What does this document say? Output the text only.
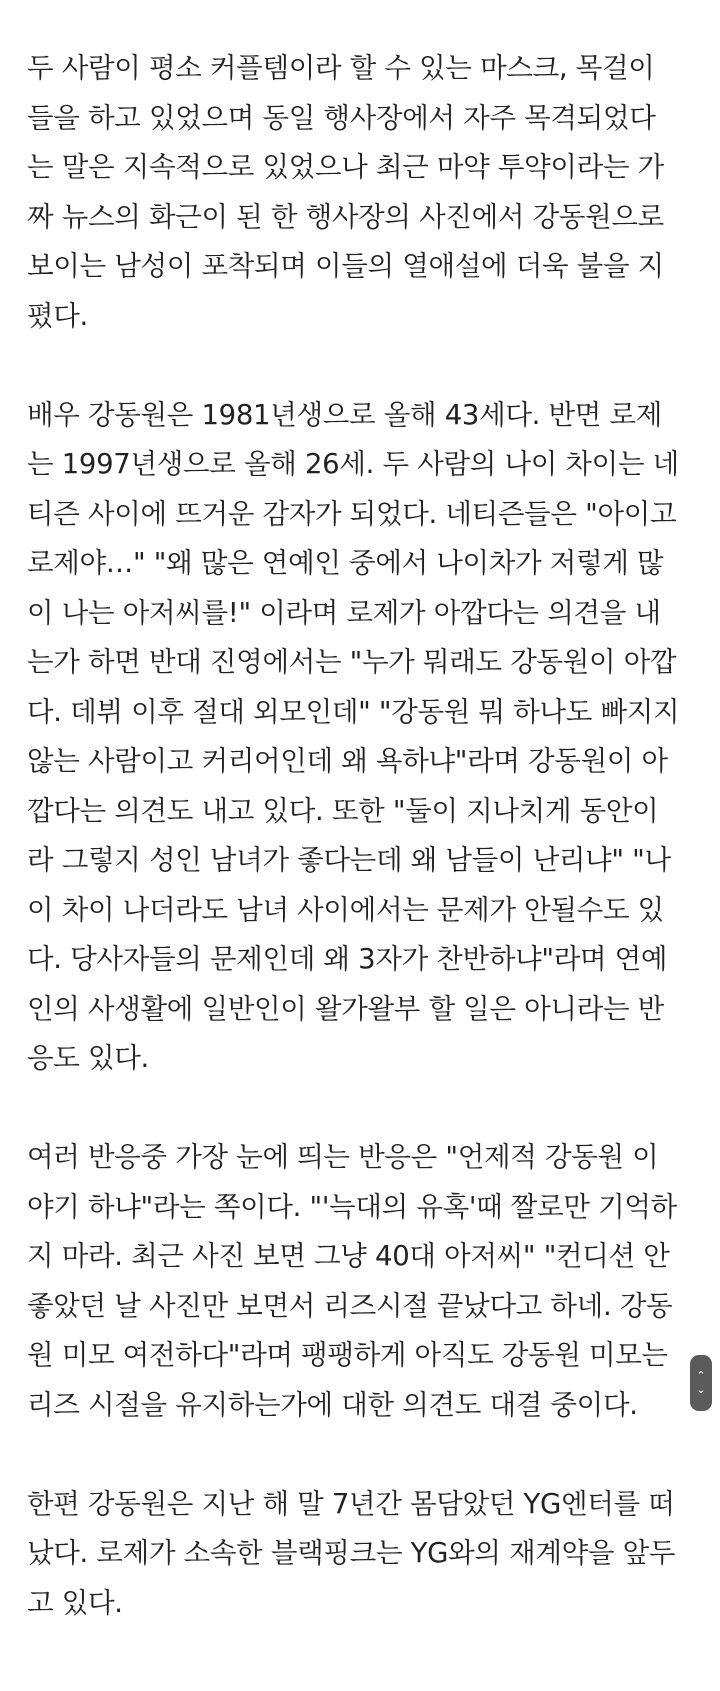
두 사람이 평소 커플템이라 할 수 있는 마스크, 목걸이
들을 하고 있었으며 동일 행사장에서 자주 목격되었다
는 말은 지속적으로 있었으나 최근 마약 투약이라는 가
짜 뉴스의 화근이 된 한 행사장의 사진에서 강동원으로
보이는 남성이 포착되며 이들의 열애설에 더욱 불을 지
폈다.
배우 강동원은 1981년생으로 올해 43세다. 반면 로제
는 1997년생으로 올해 26세. 두 사람의 나이 차이는 네
티즌 사이에 뜨거운 감자가 되었다. 네티즌들은 "아이고
로제야…" "왜 많은 연예인 중에서 나이차가 저렇게 많
이 나는 아저씨를!" 이라며 로제가 아깝다는 의견을 내
는가 하면 반대 진영에서는 "누가 뭐래도 강동원이 아깝
다. 데뷔 이후 절대 외모인데" "강동원 뭐 하나도 빠지지
않는 사람이고 커리어인데 왜 욕하냐"라며 강동원이 아
깝다는 의견도 내고 있다. 또한 "둘이 지나치게 동안이
라 그렇지 성인 남녀가 좋다는데 왜 남들이 난리냐" "나
이 차이 나더라도 남녀 사이에서는 문제가 안될수도 있
다. 당사자들의 문제인데 왜 3자가 찬반하냐"라며 연예
인의 사생활에 일반인이 왈가왈부 할 일은 아니라는 반
응도 있다.
여러 반응중 가장 눈에 띄는 반응은 "언제적 강동원 이
야기 하냐"라는 쪽이다. "'늑대의 유혹'때 짤로만 기억하
지 마라. 최근 사진 보면 그냥 40대 아저씨" "컨디션 안
좋았던 날 사진만 보면서 리즈시절 끝났다고 하네. 강동
원 미모 여전하다"라며 팽팽하게 아직도 강동원 미모는
리즈 시절을 유지하는가에 대한 의견도 대결 중이다.
한편 강동원은 지난 해 말 7년간 몸담았던 YG엔터를 떠
났다. 로제가 소속한 블랙핑크는 YG와의 재계약을 앞두
고 있다.
⌃
⌄
